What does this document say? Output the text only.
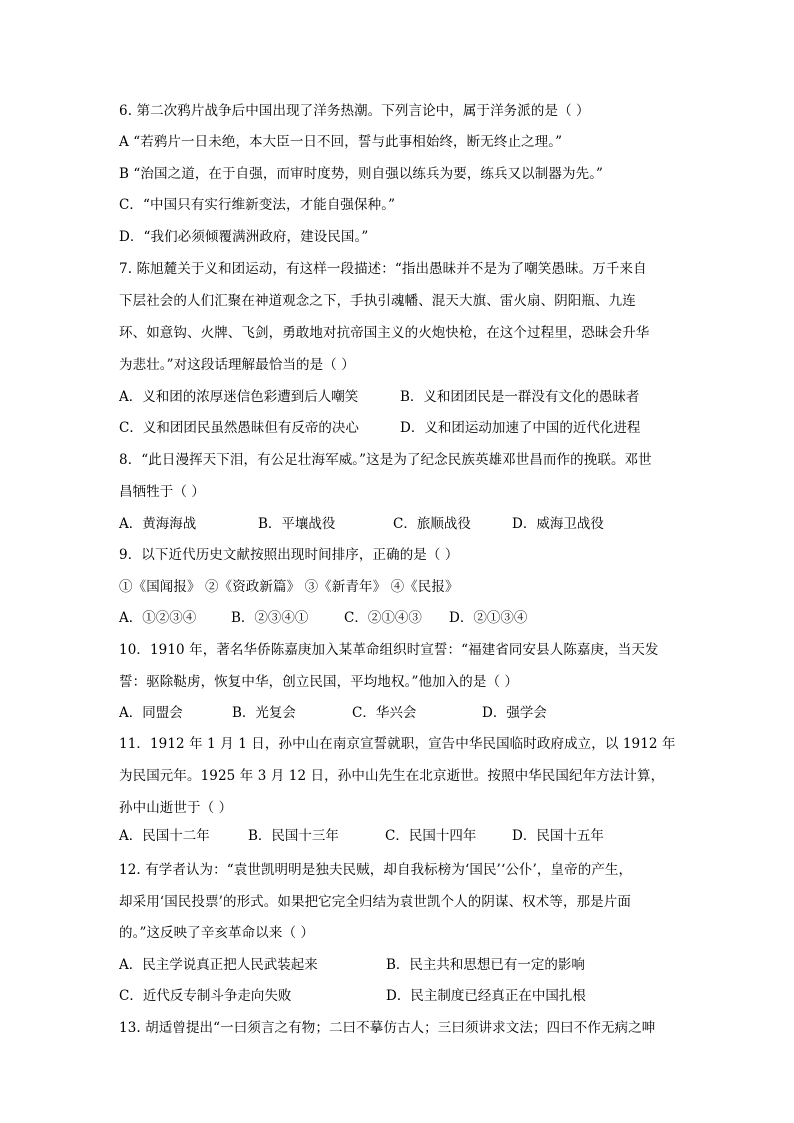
6. 第二次鸦片战争后中国出现了洋务热潮。下列言论中，属于洋务派的是（ ）
A “若鸦片一日未绝，本大臣一日不回，誓与此事相始终，断无终止之理。”
B “治国之道，在于自强，而审时度势，则自强以练兵为要，练兵又以制器为先。”
C．“中国只有实行维新变法，才能自强保种。”
D．“我们必须倾覆满洲政府，建设民国。”
7. 陈旭麓关于义和团运动，有这样一段描述：“指出愚昧并不是为了嘲笑愚昧。万千来自
下层社会的人们汇聚在神道观念之下，手执引魂幡、混天大旗、雷火扇、阴阳瓶、九连
环、如意钩、火牌、飞剑，勇敢地对抗帝国主义的火炮快枪，在这个过程里，恐昧会升华
为悲壮。”对这段话理解最恰当的是（ ）
A．义和团的浓厚迷信色彩遭到后人嘲笑	B．义和团团民是一群没有文化的愚昧者
C．义和团团民虽然愚昧但有反帝的决心	D．义和团运动加速了中国的近代化进程
8．“此日漫挥天下泪，有公足壮海军威。”这是为了纪念民族英雄邓世昌而作的挽联。邓世
昌牺牲于（ ）
A．黄海海战	B．平壤战役	C．旅顺战役	D．威海卫战役
9．以下近代历史文献按照出现时间排序，正确的是（ ）
①《国闻报》 ②《资政新篇》 ③《新青年》 ④《民报》
A．①②③④	B．②③④①	C．②①④③ D．②①③④
10．1910 年，著名华侨陈嘉庚加入某革命组织时宣誓：“福建省同安县人陈嘉庚，当天发
誓：驱除鞑虏，恢复中华，创立民国，平均地权。”他加入的是（ ）
A．同盟会	B．光复会	C．华兴会	D．强学会
11．1912 年 1 月 1 日，孙中山在南京宣誓就职，宣告中华民国临时政府成立，以 1912 年
为民国元年。1925 年 3 月 12 日，孙中山先生在北京逝世。按照中华民国纪年方法计算，
孙中山逝世于（ ）
A．民国十二年	B．民国十三年	C．民国十四年	D．民国十五年
12. 有学者认为：“袁世凯明明是独夫民贼，却自我标榜为‘国民’‘公仆’，皇帝的产生，
却采用‘国民投票’的形式。如果把它完全归结为袁世凯个人的阴谋、权术等，那是片面
的。”这反映了辛亥革命以来（ ）
A．民主学说真正把人民武装起来	B．民主共和思想已有一定的影响
C．近代反专制斗争走向失败	D．民主制度已经真正在中国扎根
13. 胡适曾提出“一曰须言之有物；二曰不摹仿古人；三曰须讲求文法；四曰不作无病之呻
